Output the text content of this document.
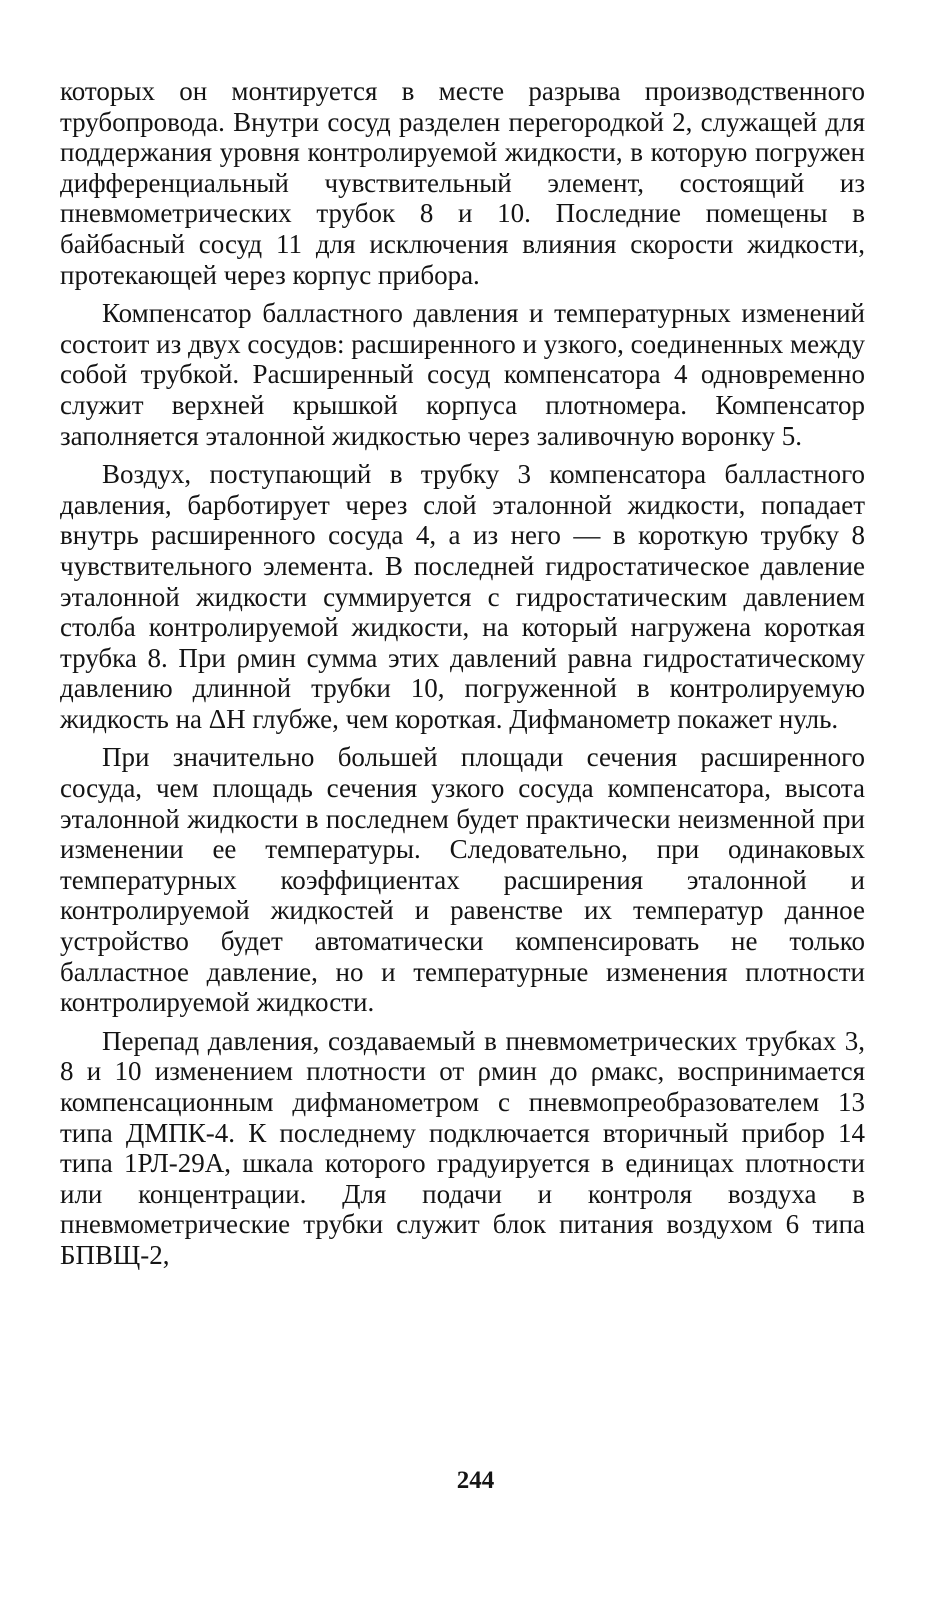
которых он монтируется в месте разрыва производственного трубопровода. Внутри сосуд разделен перегородкой 2, служащей для поддержания уровня контролируемой жидкости, в которую погружен дифференциальный чувствительный элемент, состоящий из пневмометрических трубок 8 и 10. Последние помещены в байбасный сосуд 11 для исключения влияния скорости жидкости, протекающей через корпус прибора.

Компенсатор балластного давления и температурных изменений состоит из двух сосудов: расширенного и узкого, соединенных между собой трубкой. Расширенный сосуд компенсатора 4 одновременно служит верхней крышкой корпуса плотномера. Компенсатор заполняется эталонной жидкостью через заливочную воронку 5.

Воздух, поступающий в трубку 3 компенсатора балластного давления, барботирует через слой эталонной жидкости, попадает внутрь расширенного сосуда 4, а из него — в короткую трубку 8 чувствительного элемента. В последней гидростатическое давление эталонной жидкости суммируется с гидростатическим давлением столба контролируемой жидкости, на который нагружена короткая трубка 8. При ρмин сумма этих давлений равна гидростатическому давлению длинной трубки 10, погруженной в контролируемую жидкость на ΔH глубже, чем короткая. Дифманометр покажет нуль.

При значительно большей площади сечения расширенного сосуда, чем площадь сечения узкого сосуда компенсатора, высота эталонной жидкости в последнем будет практически неизменной при изменении ее температуры. Следовательно, при одинаковых температурных коэффициентах расширения эталонной и контролируемой жидкостей и равенстве их температур данное устройство будет автоматически компенсировать не только балластное давление, но и температурные изменения плотности контролируемой жидкости.

Перепад давления, создаваемый в пневмометрических трубках 3, 8 и 10 изменением плотности от ρмин до ρмакс, воспринимается компенсационным дифманометром с пневмопреобразователем 13 типа ДМПК-4. К последнему подключается вторичный прибор 14 типа 1РЛ-29А, шкала которого градуируется в единицах плотности или концентрации. Для подачи и контроля воздуха в пневмометрические трубки служит блок питания воздухом 6 типа БПВЩ-2,

244
